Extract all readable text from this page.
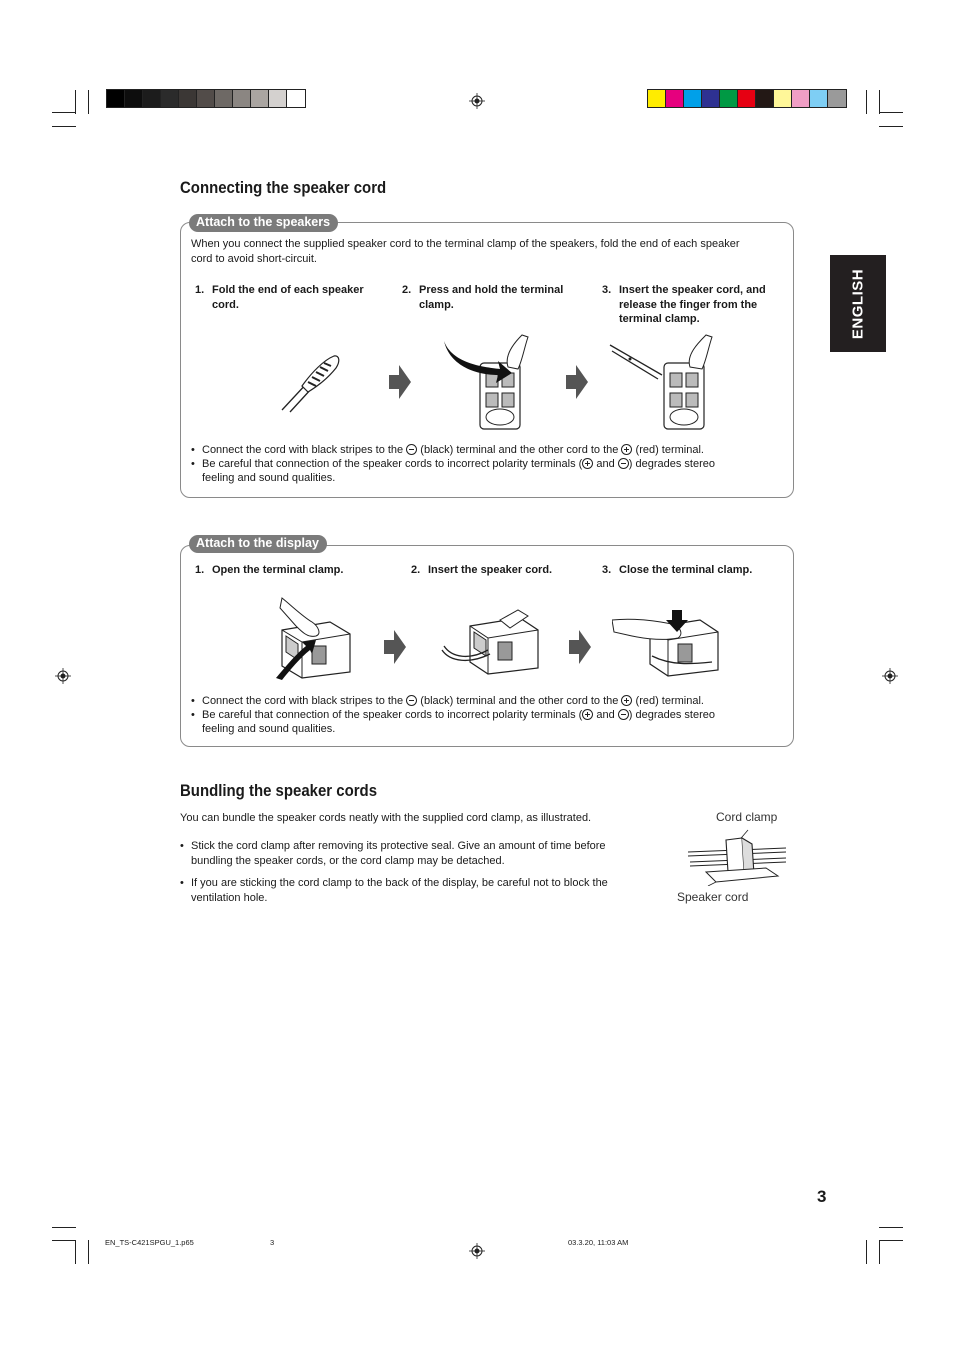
ENGLISH
Connecting the speaker cord
Attach to the speakers
When you connect the supplied speaker cord to the terminal clamp of the speakers, fold the end of each speaker
cord to avoid short-circuit.
1. Fold the end of each speaker
cord.
2. Press and hold the terminal
clamp.
3. Insert the speaker cord, and
release the finger from the
terminal clamp.
• Connect the cord with black stripes to the (black) terminal and the other cord to the (red) terminal.
• Be careful that connection of the speaker cords to incorrect polarity terminals ( and ) degrades stereo
feeling and sound qualities.
Attach to the display
1. Open the terminal clamp.	2. Insert the speaker cord.	3. Close the terminal clamp.
• Connect the cord with black stripes to the (black) terminal and the other cord to the (red) terminal.
• Be careful that connection of the speaker cords to incorrect polarity terminals ( and ) degrades stereo
feeling and sound qualities.
Bundling the speaker cords
You can bundle the speaker cords neatly with the supplied cord clamp, as illustrated.
• Stick the cord clamp after removing its protective seal. Give an amount of time before
bundling the speaker cords, or the cord clamp may be detached.
• If you are sticking the cord clamp to the back of the display, be careful not to block the
ventilation hole.
Cord clamp
Speaker cord
3
EN_TS-C421SPGU_1.p65	3	03.3.20, 11:03 AM
